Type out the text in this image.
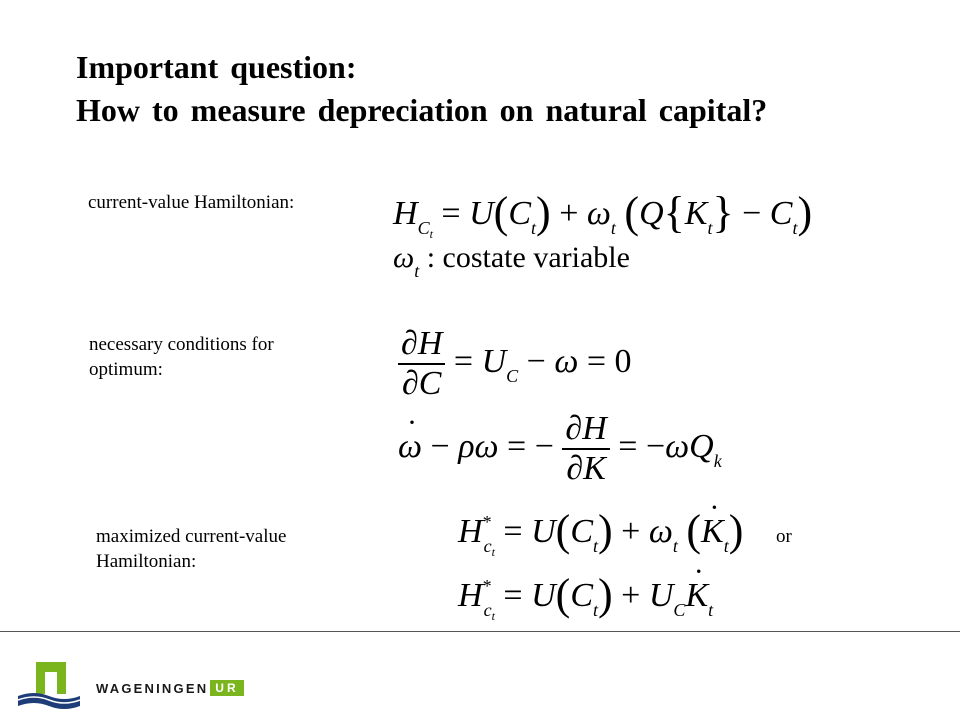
Important question:
How to measure depreciation on natural capital?
current-value Hamiltonian:	$H_{C_t} = U(C_t) + \omega_t$ $(Q\{K_t\} - C_t)$
$\omega_t$ : costate variable
necessary conditions for
optimum:	$\frac{\partial H}{\partial C} = U_C - \omega = 0$
· ω − ρω = − $\frac{\partial H}{\partial K} = -\omega Q_k$
maximized current-value
Hamiltonian:
$H^*_{c_t} = U(C_t) + \omega_t$ (· $K_t$) or
$H^*_{c_t} = U(C_t) + U_C\cdot K_t$
WAGENINGEN UR
